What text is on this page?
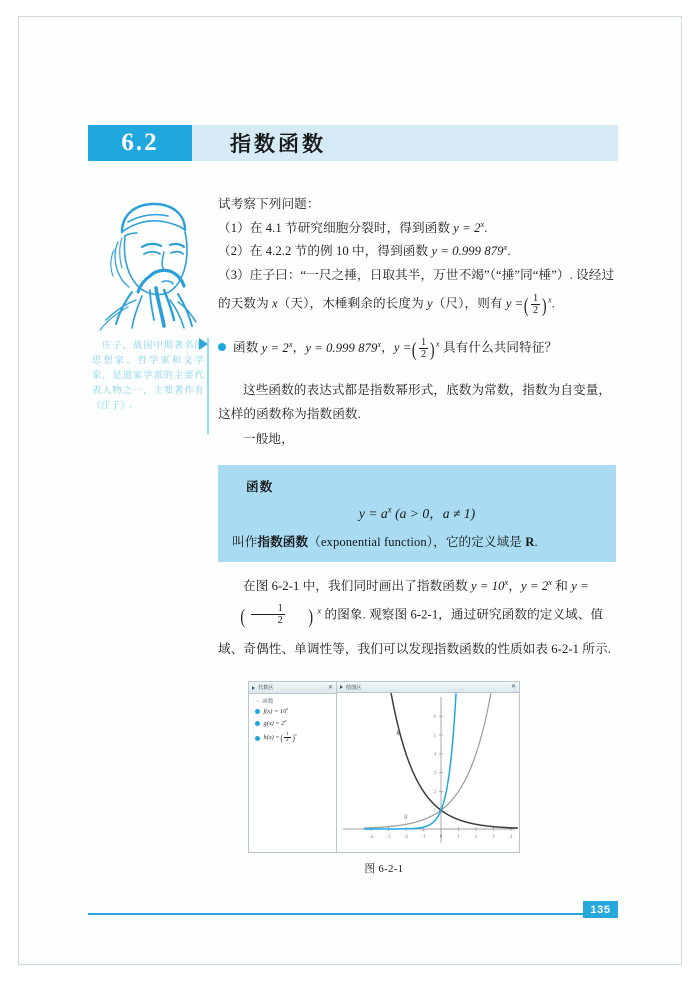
6.2	指数函数
庄子，战国中期著名的思想家、哲学家和文学家，是道家学派的主要代表人物之一，主要著作有《庄子》.

试考察下列问题：

（1）在 4.1 节研究细胞分裂时，得到函数 $y = 2^x$.

（2）在 4.2.2 节的例 10 中，得到函数 y = 0.999 879$^x$.

（3）庄子曰：“一尺之捶，日取其半，万世不竭”（“捶”同“棰”）. 设经过的天数为 x（天），木棰剩余的长度为 y（尺），则有 y =( $\frac{1}{2} )^x$.

函数 $y = 2^x$，y = 0.999 879$^x$，y =( $\frac{1}{2} )^x$ 具有什么共同特征？

这些函数的表达式都是指数幂形式，底数为常数，指数为自变量，这样的函数称为指数函数.

一般地，

函数
$y = a^x$ (a > 0，a ≠ 1)
叫作指数函数（exponential function），它的定义域是 R.

在图 6-2-1 中，我们同时画出了指数函数 $y = 10^x$，$y = 2^x$ 和 y =( $\frac{1}{2}$ ) $^x$ 的图象. 观察图 6-2-1，通过研究函数的定义域、值域、奇偶性、单调性等，我们可以发现指数函数的性质如表 6-2-1 所示.

代数区	✕
− 函数
$f(x) = 10^x$
$g(x) = 2^x$
h(x) =( $\frac{1}{2} )^x$
绘图区	✕
-4	-3	-2	-1	0	1	2	3	4
1
2
3
4
5
6
h
g
图 6-2-1
135
